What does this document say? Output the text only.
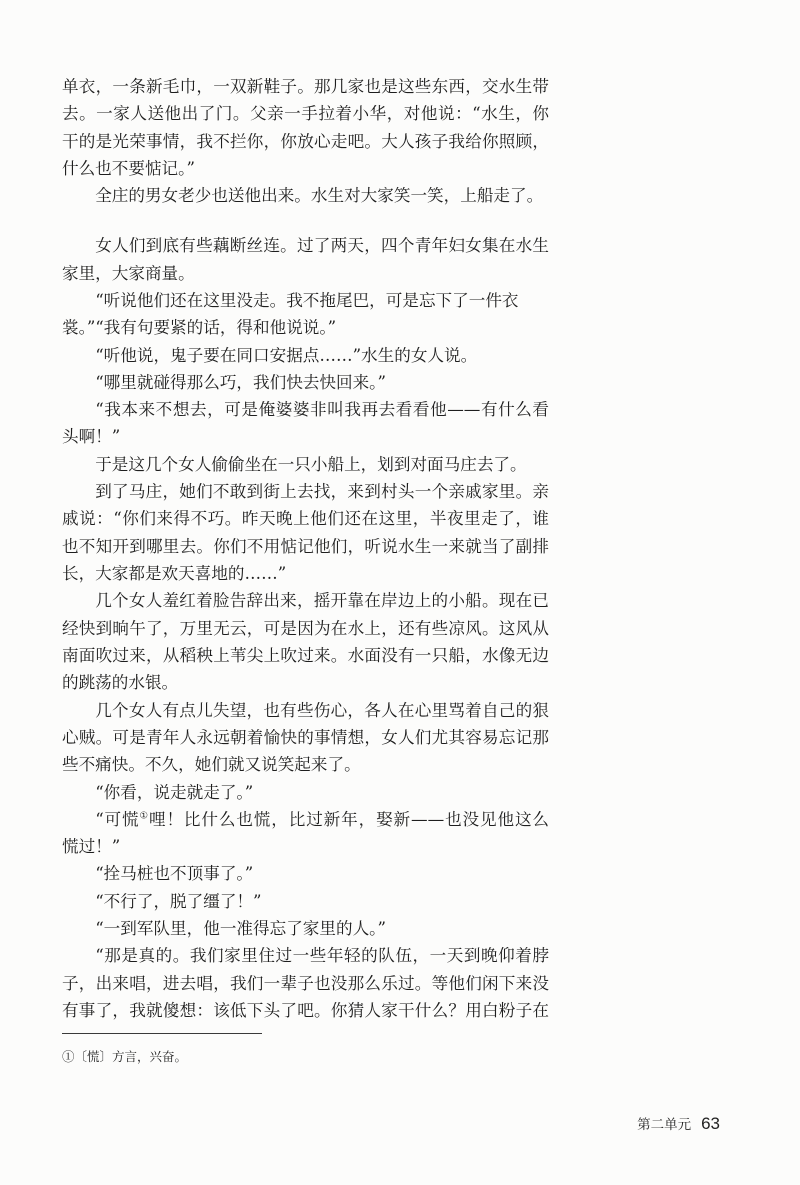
单衣，一条新毛巾，一双新鞋子。那几家也是这些东西，交水生带
去。一家人送他出了门。父亲一手拉着小华，对他说：“水生，你
干的是光荣事情，我不拦你，你放心走吧。大人孩子我给你照顾，
什么也不要惦记。”
全庄的男女老少也送他出来。水生对大家笑一笑，上船走了。
女人们到底有些藕断丝连。过了两天，四个青年妇女集在水生
家里，大家商量。
“听说他们还在这里没走。我不拖尾巴，可是忘下了一件衣裳。” “我有句要紧的话，得和他说说。”
“听他说，鬼子要在同口安据点……”水生的女人说。
“哪里就碰得那么巧，我们快去快回来。”
“我本来不想去，可是俺婆婆非叫我再去看看他——有什么看
头啊！”
于是这几个女人偷偷坐在一只小船上，划到对面马庄去了。
到了马庄，她们不敢到街上去找，来到村头一个亲戚家里。亲
戚说：“你们来得不巧。昨天晚上他们还在这里，半夜里走了，谁
也不知开到哪里去。你们不用惦记他们，听说水生一来就当了副排
长，大家都是欢天喜地的……”
几个女人羞红着脸告辞出来，摇开靠在岸边上的小船。现在已
经快到晌午了，万里无云，可是因为在水上，还有些凉风。这风从
南面吹过来，从稻秧上苇尖上吹过来。水面没有一只船，水像无边
的跳荡的水银。
几个女人有点儿失望，也有些伤心，各人在心里骂着自己的狠
心贼。可是青年人永远朝着愉快的事情想，女人们尤其容易忘记那
些不痛快。不久，她们就又说笑起来了。
“你看，说走就走了。”
“可慌①哩！比什么也慌，比过新年，娶新——也没见他这么
慌过！”
“拴马桩也不顶事了。”
“不行了，脱了缰了！”
“一到军队里，他一准得忘了家里的人。”
“那是真的。我们家里住过一些年轻的队伍，一天到晚仰着脖
子，出来唱，进去唱，我们一辈子也没那么乐过。等他们闲下来没
有事了，我就傻想：该低下头了吧。你猜人家干什么？用白粉子在
①〔慌〕方言，兴奋。
第二单元 63
